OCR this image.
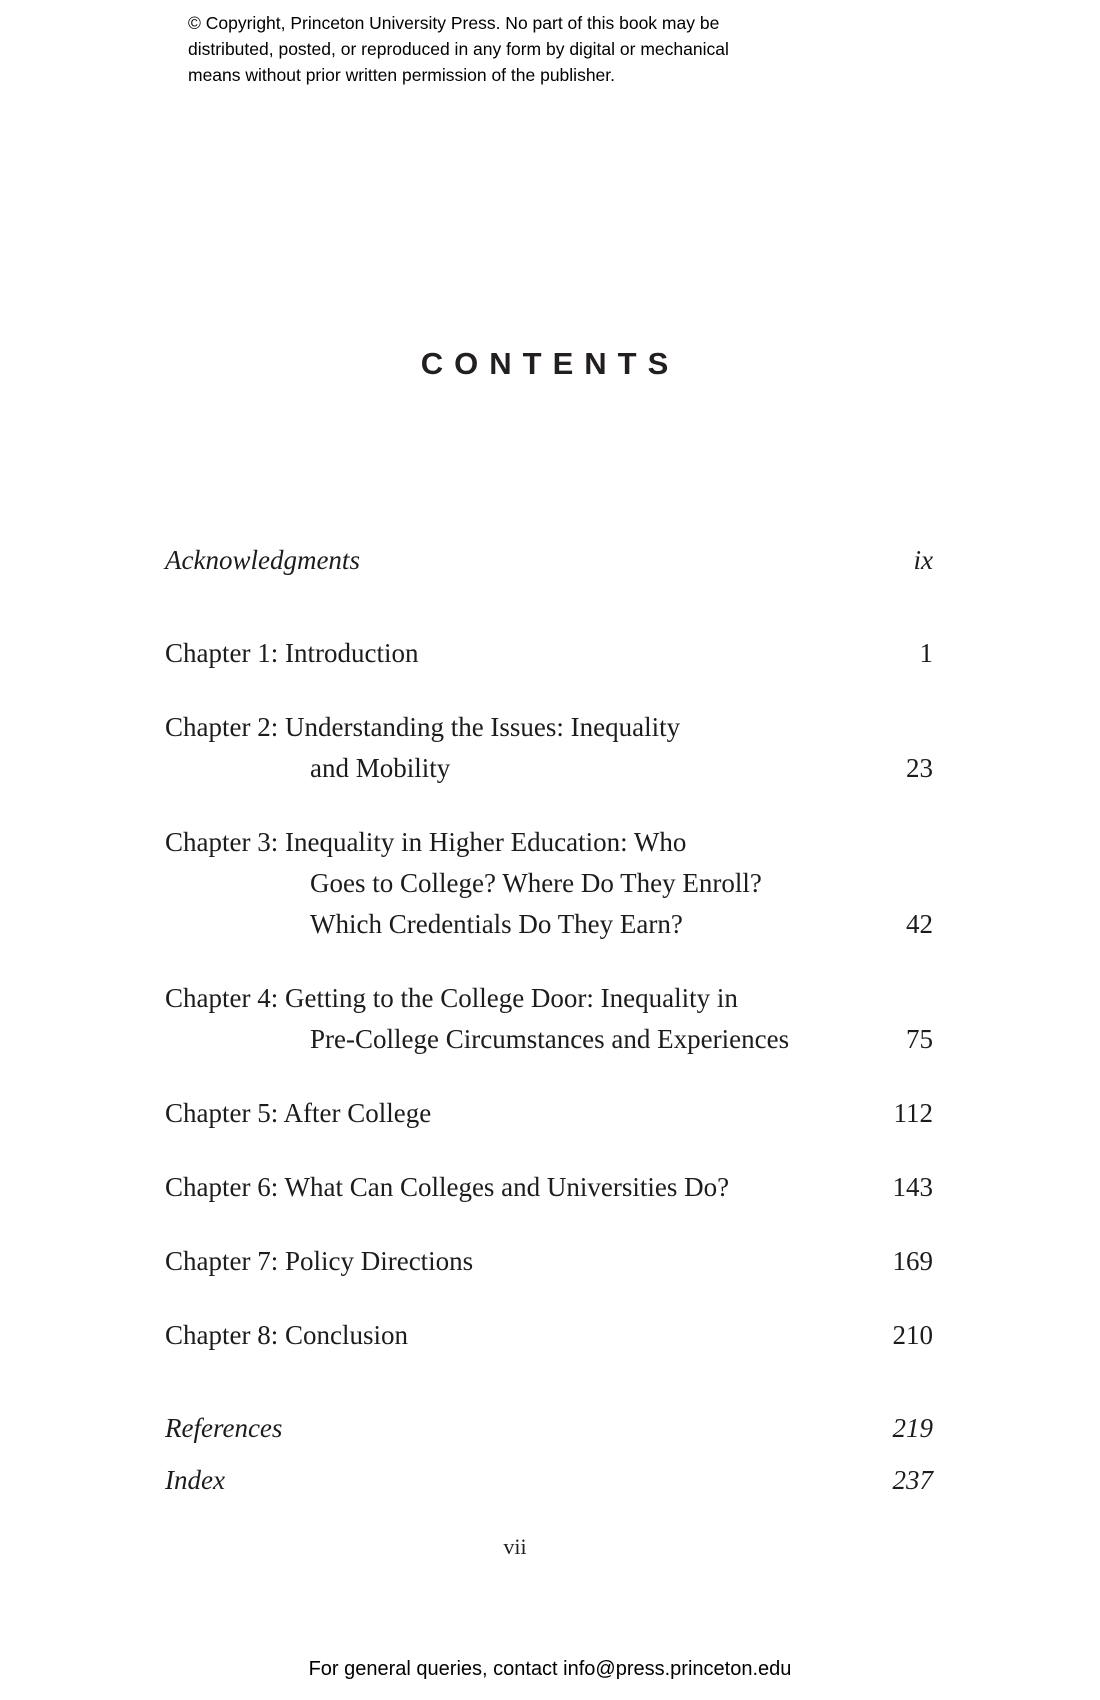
© Copyright, Princeton University Press. No part of this book may be
distributed, posted, or reproduced in any form by digital or mechanical
means without prior written permission of the publisher.
CONTENTS
Acknowledgments	ix
Chapter 1: Introduction	1
Chapter 2: Understanding the Issues: Inequality
and Mobility	23
Chapter 3: Inequality in Higher Education: Who
Goes to College? Where Do They Enroll?
Which Credentials Do They Earn?	42
Chapter 4: Getting to the College Door: Inequality in
Pre-College Circumstances and Experiences	75
Chapter 5: After College	112
Chapter 6: What Can Colleges and Universities Do?	143
Chapter 7: Policy Directions	169
Chapter 8: Conclusion	210
References	219
Index	237
vii
For general queries, contact info@press.princeton.edu
